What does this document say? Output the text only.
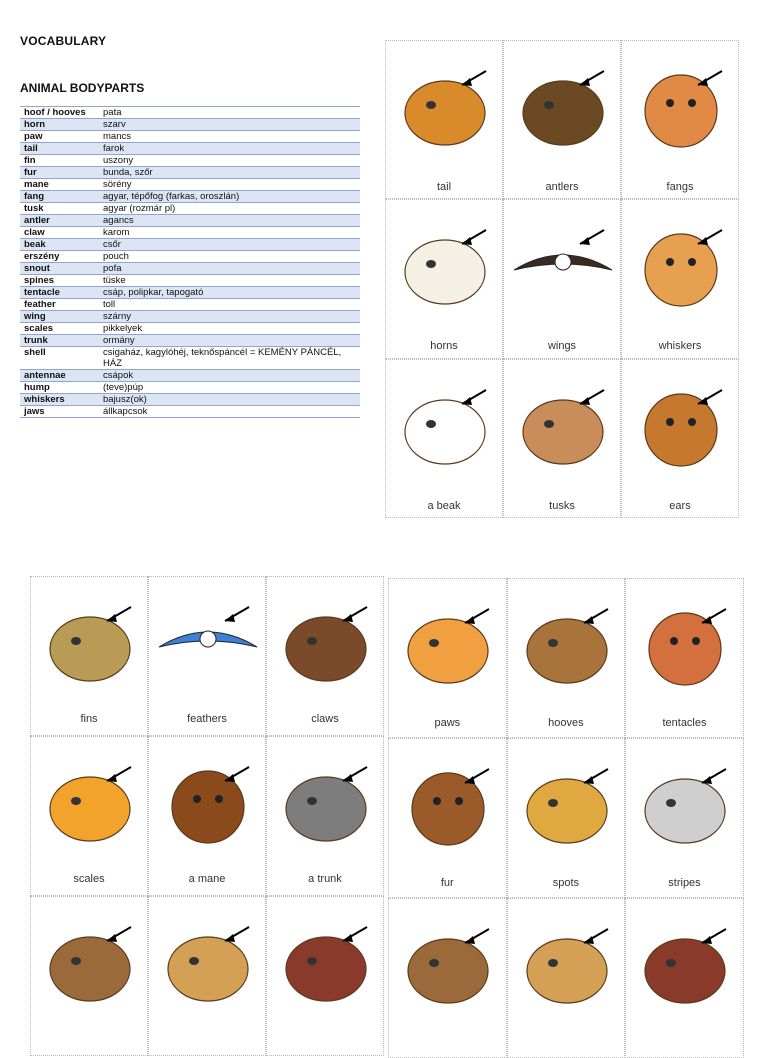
VOCABULARY
ANIMAL BODYPARTS
hoof / hooves	pata
horn	szarv
paw	mancs
tail	farok
fin	uszony
fur	bunda, szőr
mane	sörény
fang	agyar, tépőfog (farkas, oroszlán)
tusk	agyar (rozmár pl)
antler	agancs
claw	karom
beak	csőr
erszény	pouch
snout	pofa
spines	tüske
tentacle	csáp, polipkar, tapogató
feather	toll
wing	szárny
scales	pikkelyek
trunk	ormány
shell	csigaház, kagylóhéj, teknőspáncél = KEMÉNY PÁNCÉL, HÁZ
antennae	csápok
hump	(teve)púp
whiskers	bajusz(ok)
jaws	állkapcsok
tail	antlers	fangs
horns	wings	whiskers
a beak	tusks	ears
fins	feathers	claws
scales	a mane	a trunk
paws	hooves	tentacles
fur	spots	stripes
